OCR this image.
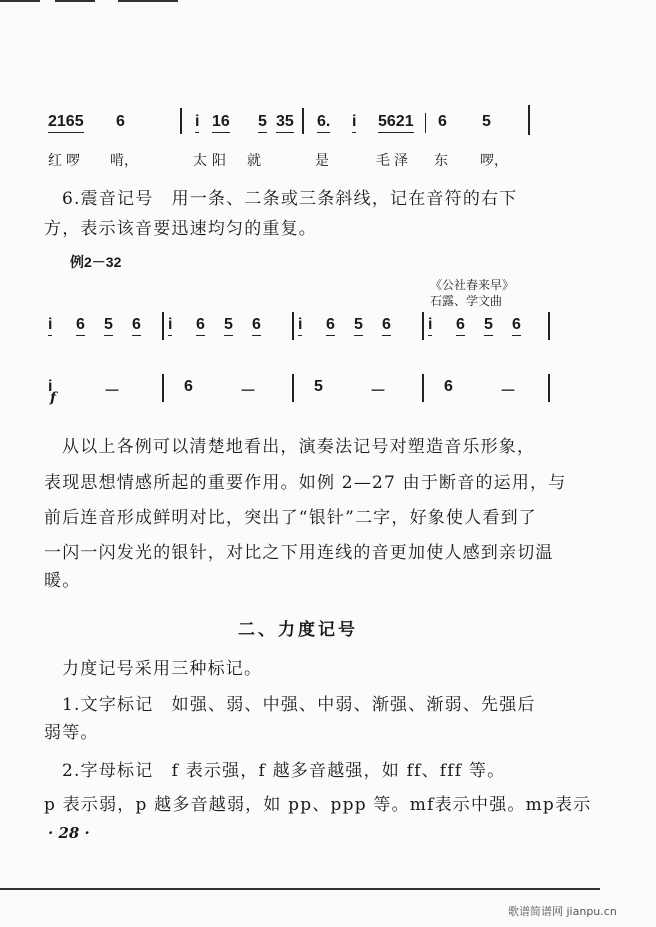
2165 6	i 16 5 35 6. i 5621 6 5
红 啰 啃，	太 阳 就	是	毛 泽 东 啰，
6.震音记号　用一条、二条或三条斜线，记在音符的右下
方，表示该音要迅速均匀的重复。
例2－32
《公社春来早》
石露、学文曲
i 6 5 6 i 6 5 6 i 6 5 6 i 6 5 6
i	－	6	－	5	－	6	－
f
从以上各例可以清楚地看出，演奏法记号对塑造音乐形象，
表现思想情感所起的重要作用。如例 2—27 由于断音的运用，与
前后连音形成鲜明对比，突出了“银针”二字，好象使人看到了
一闪一闪发光的银针，对比之下用连线的音更加使人感到亲切温
暖。
二、力度记号
力度记号采用三种标记。
1.文字标记　如强、弱、中强、中弱、渐强、渐弱、先强后
弱等。
2.字母标记　f 表示强，f 越多音越强，如 ff、fff 等。
p 表示弱，p 越多音越弱，如 pp、ppp 等。mf表示中强。mp表示
· 28 ·
歌谱简谱网 jianpu.cn
